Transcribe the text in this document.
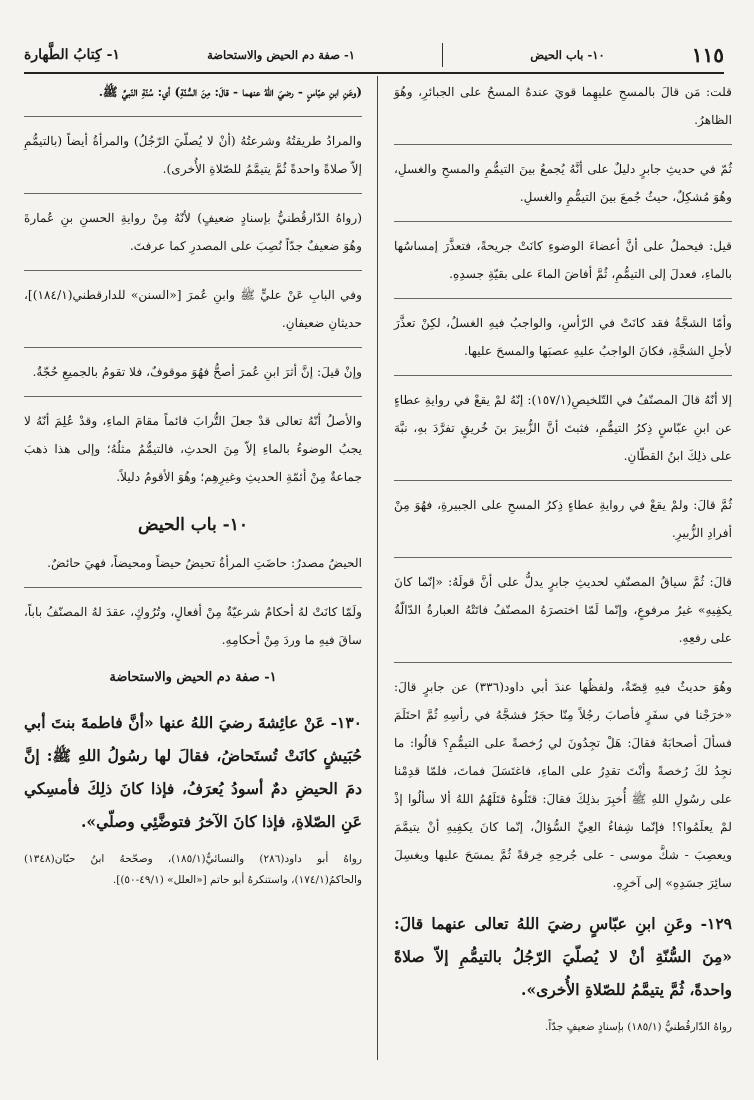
١١٥
١٠- باب الحيض
١- صفة دم الحيض والاستحاضة
١- كِتابُ الطَّهارة

قلت: مَن قالَ بالمسحِ عليهِما قويَ عندهُ المسحُ على الجبائرِ، وهُوَ الظاهرُ.

ثُمّ في حديثِ جابرٍ دليلٌ على أنَّهُ يُجمعُ بينَ التيمُّمِ والمسحِ والغسلِ، وهُوَ مُشكِلٌ، حيثُ جُمعَ بينَ التيمُّمِ والغسلِ.

قيل: فيحملُ على أنَّ أعضاءَ الوضوءِ كانَتْ جريحةً، فتعذَّرَ إمساسُها بالماءِ، فعدلَ إلى التيمُّمِ، ثُمَّ أفاضَ الماءَ على بقيّةِ جسدِهِ.

وأمّا الشجَّةُ فقد كانَتْ في الرّأسِ، والواجبُ فيهِ الغسلُ، لكِنْ تعذَّرَ لأجلِ الشجَّةِ، فكانَ الواجبُ عليهِ عصبَها والمسحَ عليها.

إلا أنّهُ قالَ المصنّفُ في التّلخيصِ(١٥٧/١): إنّهُ لمْ يقعْ في روايةِ عطاءٍ عن ابنِ عبّاسٍ ذِكرُ التيمُّمِ، فثبتَ أنَّ الزُّبيرَ بنَ خُريقٍ تفرَّدَ بهِ، نبَّهَ على ذلِكَ ابنُ القطّانِ.

ثُمَّ قالَ: ولمْ يقعْ في روايةِ عطاءٍ ذِكرُ المسحِ على الجبيرةِ، فهُوَ مِنْ أفرادِ الزُّبيرِ.

قالَ: ثُمَّ سياقُ المصنّفِ لحديثِ جابرٍ يدلُّ على أنَّ قولَهُ: «إنّما كانَ يكفِيهِ» غيرُ مرفوعٍ، وإنّما لَمّا اختصرَهُ المصنّفُ فاتَتْهُ العبارةُ الدّالّةُ على رفعِهِ.

وهُوَ حديثٌ فيهِ قِصّةٌ، ولفظُها عندَ أبي داود(٣٣٦) عن جابرٍ قالَ: «خرَجْنا في سفَرٍ فأصابَ رجُلاً مِنّا حجَرٌ فشجَّهُ في رأسِهِ ثُمَّ احتَلَمَ فسألَ أصحابَهُ فقالَ: هَلْ تجِدُونَ لي رُخصةً على التيمُّمِ؟ قالُوا: ما نجِدُ لكَ رُخصةً وأنْتَ تقدِرُ على الماءِ، فاغتَسَلَ فماتَ، فلمّا قدِمْنا على رسُولِ اللهِ ﷺ أُخبِرَ بذلِكَ فقالَ: قتَلُوهُ قتَلَهُمُ اللهُ ألا سألُوا إذْ لمْ يعلَمُوا؟! فإنّما شِفاءُ العِيِّ السُّؤالُ، إنّما كانَ يكفِيهِ أنْ يتيمَّمَ ويعصِبَ - شكَّ موسى - على جُرحِهِ خِرقةً ثُمَّ يمسَحَ عليها ويغسِلَ سائِرَ جسَدِهِ» إلى آخرِهِ.

١٢٩- وعَنِ ابنِ عبّاسٍ رضيَ اللهُ تعالى عنهما قالَ: «مِنَ السُّنّةِ أنْ لا يُصلّيَ الرّجُلُ بالتيمُّمِ إلاّ صلاةً واحدةً، ثُمَّ يتيمَّمُ للصّلاةِ الأُخرى».

رواهُ الدّارقُطنيُّ (١٨٥/١) بإسنادٍ ضعيفٍ جدّاً.

(وعَنِ ابنِ عبّاسٍ - رضيَ اللهُ عنهما - قالَ: مِنَ السُّنّةِ) أي: سُنّةِ النّبيِّ ﷺ.

والمرادُ طريقتُهُ وشرعتُهُ (أنْ لا يُصلّيَ الرّجُلُ) والمرأةُ أيضاً (بالتيمُّمِ إلاّ صلاةً واحدةً ثُمَّ يتيمَّمُ للصّلاةِ الأُخرى).

(رواهُ الدّارقُطنيُّ بإسنادٍ ضعيفٍ) لأنّهُ مِنْ روايةِ الحسنِ بنِ عُمارةَ وهُوَ ضعيفٌ جدّاً نُصِبَ على المصدرِ كما عرفتَ.

وفي البابِ عَنْ عليٍّ ﷺ وابنِ عُمرَ [«السنن» للدارقطني(١٨٤/١)]، حديثانِ ضعيفانِ.

وإنْ قيلَ: إنَّ أثرَ ابنِ عُمرَ أصحُّ فهُوَ موقوفٌ، فلا تقومُ بالجميعِ حُجّةٌ.

والأصلُ أنّهُ تعالى قدْ جعلَ التُّرابَ قائماً مقامَ الماءِ، وقدْ عُلِمَ أنّهُ لا يجبُ الوضوءُ بالماءِ إلاّ مِنَ الحدثِ، فالتيمُّمُ مثلُهُ؛ وإلى هذا ذهبَ جماعةٌ مِنْ أئمّةِ الحديثِ وغيرِهِم؛ وهُوَ الأقومُ دليلاً.

١٠- باب الحيض

الحيضُ مصدرُ: حاضَتِ المرأةُ تحيضُ حيضاً ومحيضاً، فهيَ حائضٌ.

ولَمّا كانَتْ لهُ أحكامٌ شرعيّةٌ مِنْ أفعالٍ، وتُرُوكٍ، عقدَ لهُ المصنّفُ باباً، ساقَ فيهِ ما وردَ مِنْ أحكامِهِ.

١- صفة دم الحيض والاستحاضة

١٣٠- عَنْ عائِشةَ رضيَ اللهُ عنها «أنَّ فاطمةَ بنتَ أبي حُبَيشٍ كانَتْ تُستَحاضُ، فقالَ لها رسُولُ اللهِ ﷺ: إنَّ دمَ الحيضِ دمٌ أسودُ يُعرَفُ، فإذا كانَ ذلِكَ فأمسِكي عَنِ الصّلاةِ، فإذا كانَ الآخرُ فتوضَّئِي وصلّي».

رواهُ أبو داود(٢٨٦) والنسائيُّ(١٨٥/١)، وصحّحهُ ابنُ حبّان(١٣٤٨) والحاكمُ(١٧٤/١)، واستنكرهُ أبو حاتم [«العلل» (٤٩/١-٥٠)].
